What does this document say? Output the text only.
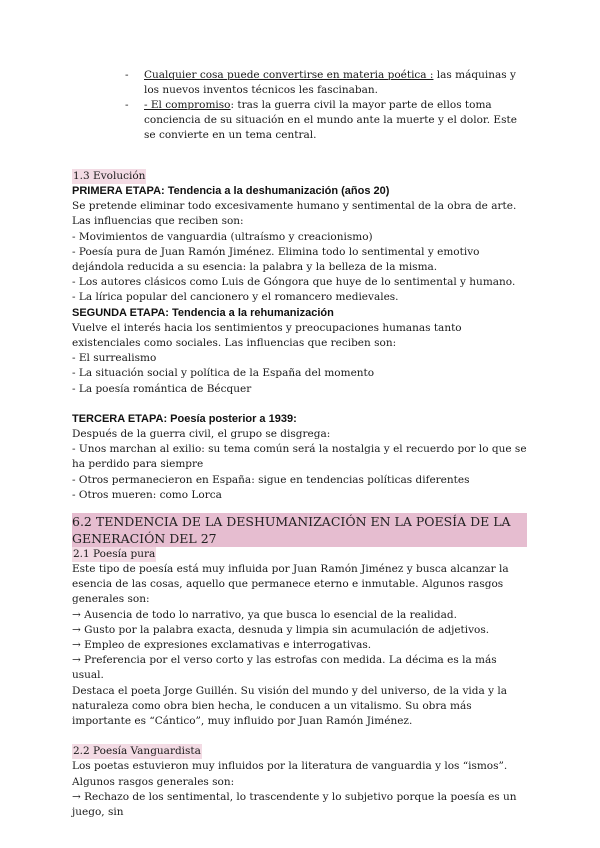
-	Cualquier cosa puede convertirse en materia poética : las máquinas y los nuevos inventos técnicos les fascinaban.
-	- El compromiso: tras la guerra civil la mayor parte de ellos toma conciencia de su situación en el mundo ante la muerte y el dolor. Este se convierte en un tema central.
1.3 Evolución
PRIMERA ETAPA: Tendencia a la deshumanización (años 20)
Se pretende eliminar todo excesivamente humano y sentimental de la obra de arte. Las influencias que reciben son:
- Movimientos de vanguardia (ultraísmo y creacionismo)
- Poesía pura de Juan Ramón Jiménez. Elimina todo lo sentimental y emotivo dejándola reducida a su esencia: la palabra y la belleza de la misma.
- Los autores clásicos como Luis de Góngora que huye de lo sentimental y humano.
- La lírica popular del cancionero y el romancero medievales.
SEGUNDA ETAPA: Tendencia a la rehumanización
Vuelve el interés hacia los sentimientos y preocupaciones humanas tanto existenciales como sociales. Las influencias que reciben son:
- El surrealismo
- La situación social y política de la España del momento
- La poesía romántica de Bécquer
TERCERA ETAPA: Poesía posterior a 1939:
Después de la guerra civil, el grupo se disgrega:
- Unos marchan al exilio: su tema común será la nostalgia y el recuerdo por lo que se ha perdido para siempre
- Otros permanecieron en España: sigue en tendencias políticas diferentes
- Otros mueren: como Lorca
6.2 TENDENCIA DE LA DESHUMANIZACIÓN EN LA POESÍA DE LA GENERACIÓN DEL 27
2.1 Poesía pura
Este tipo de poesía está muy influida por Juan Ramón Jiménez y busca alcanzar la esencia de las cosas, aquello que permanece eterno e inmutable. Algunos rasgos generales son:
→ Ausencia de todo lo narrativo, ya que busca lo esencial de la realidad.
→ Gusto por la palabra exacta, desnuda y limpia sin acumulación de adjetivos.
→ Empleo de expresiones exclamativas e interrogativas.
→ Preferencia por el verso corto y las estrofas con medida. La décima es la más usual.
Destaca el poeta Jorge Guillén. Su visión del mundo y del universo, de la vida y la naturaleza como obra bien hecha, le conducen a un vitalismo. Su obra más importante es “Cántico”, muy influido por Juan Ramón Jiménez.
2.2 Poesía Vanguardista
Los poetas estuvieron muy influidos por la literatura de vanguardia y los “ismos”. Algunos rasgos generales son:
→ Rechazo de los sentimental, lo trascendente y lo subjetivo porque la poesía es un juego, sin
